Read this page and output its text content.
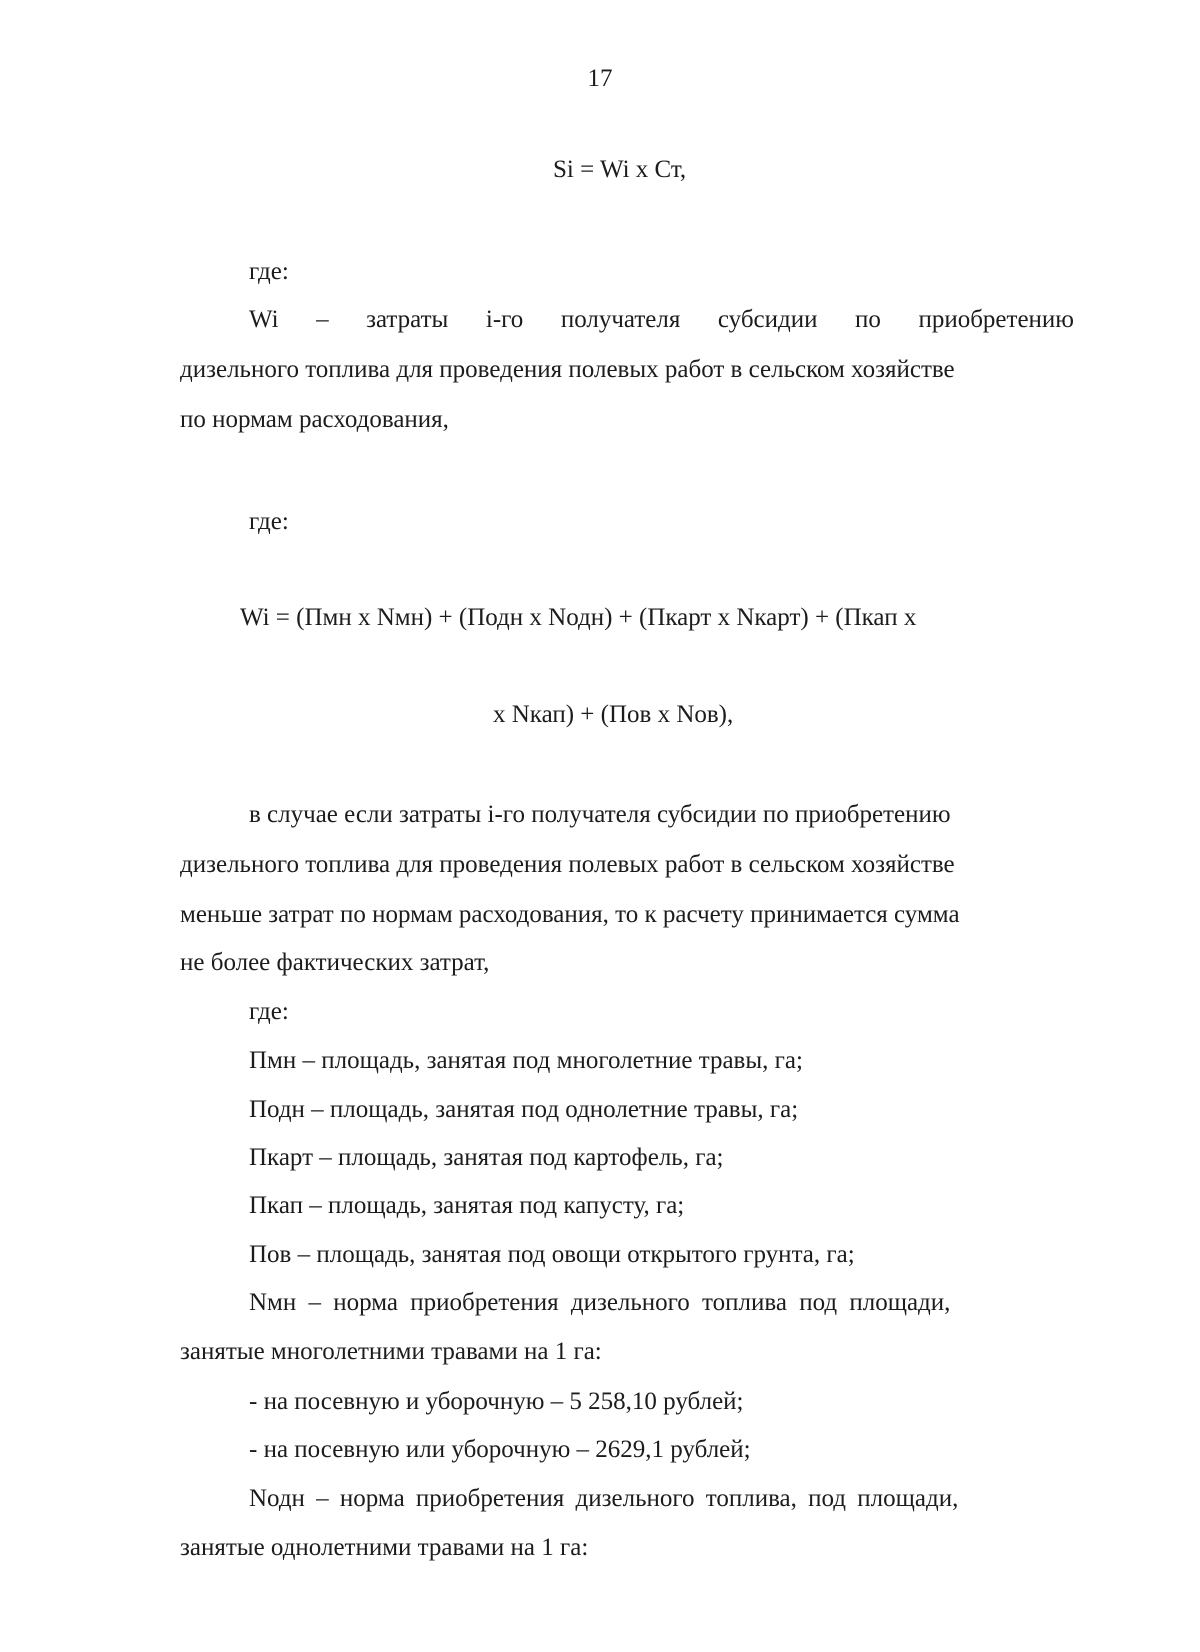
17
Si = Wi x Ст,
где:
Wi – затраты i-го получателя субсидии по приобретению
дизельного топлива для проведения полевых работ в сельском хозяйстве
по нормам расходования,
где:
Wi = (Пмн x Nмн) + (Подн x Nодн) + (Пкарт x Nкарт) + (Пкап x
x Nкап) + (Пов x Nов),
в случае если затраты i-го получателя субсидии по приобретению
дизельного топлива для проведения полевых работ в сельском хозяйстве
меньше затрат по нормам расходования, то к расчету принимается сумма
не более фактических затрат,
где:
Пмн – площадь, занятая под многолетние травы, га;
Подн – площадь, занятая под однолетние травы, га;
Пкарт – площадь, занятая под картофель, га;
Пкап – площадь, занятая под капусту, га;
Пов – площадь, занятая под овощи открытого грунта, га;
Nмн – норма приобретения дизельного топлива под площади,
занятые многолетними травами на 1 га:
- на посевную и уборочную – 5 258,10 рублей;
- на посевную или уборочную – 2629,1 рублей;
Nодн – норма приобретения дизельного топлива, под площади,
занятые однолетними травами на 1 га:
